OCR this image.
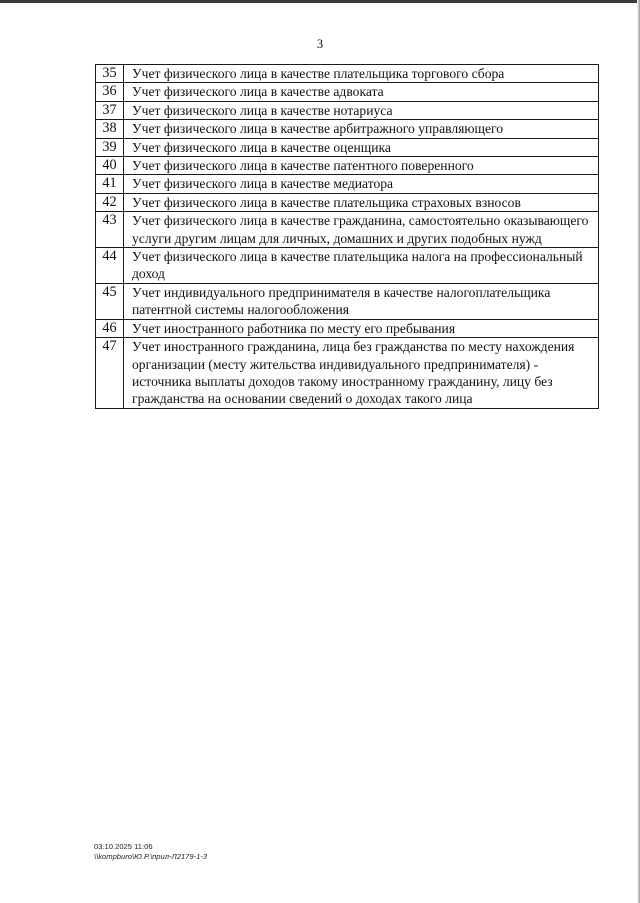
3
35	Учет физического лица в качестве плательщика торгового сбора
36	Учет физического лица в качестве адвоката
37	Учет физического лица в качестве нотариуса
38	Учет физического лица в качестве арбитражного управляющего
39	Учет физического лица в качестве оценщика
40	Учет физического лица в качестве патентного поверенного
41	Учет физического лица в качестве медиатора
42	Учет физического лица в качестве плательщика страховых взносов
43	Учет физического лица в качестве гражданина, самостоятельно оказывающего услуги другим лицам для личных, домашних и других подобных нужд
44	Учет физического лица в качестве плательщика налога на профессиональный доход
45	Учет индивидуального предпринимателя в качестве налогоплательщика патентной системы налогообложения
46	Учет иностранного работника по месту его пребывания
47	Учет иностранного гражданина, лица без гражданства по месту нахождения организации (месту жительства индивидуального предпринимателя) - источника выплаты доходов такому иностранному гражданину, лицу без гражданства на основании сведений о доходах такого лица
03.10.2025 11:06
\\kompburo\Ю.Р.\прил-Л2179-1-3
